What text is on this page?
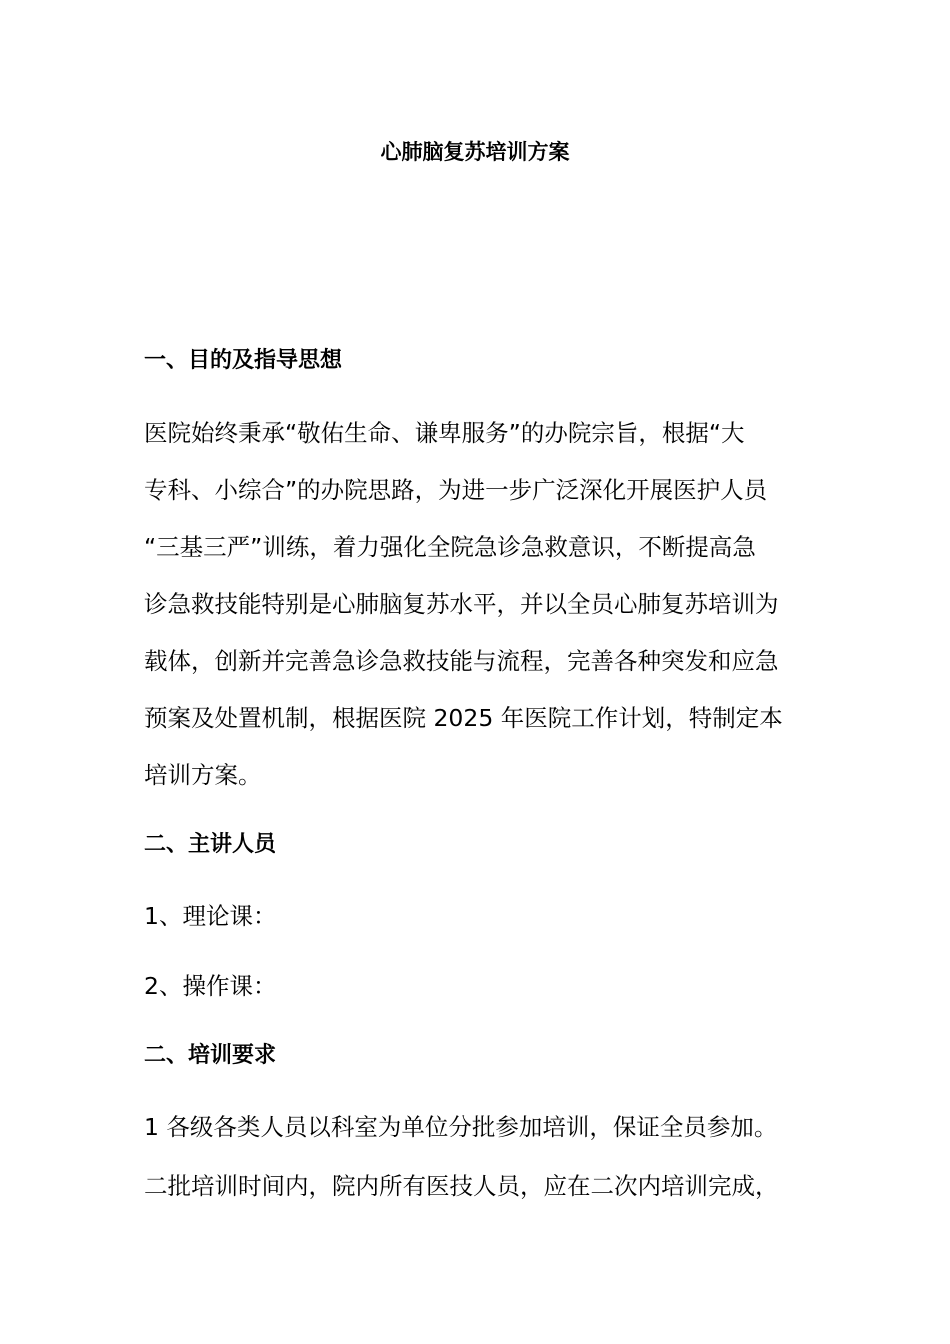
心肺脑复苏培训方案
一、目的及指导思想
医院始终秉承“敬佑生命、谦卑服务”的办院宗旨，根据“大
专科、小综合”的办院思路，为进一步广泛深化开展医护人员
“三基三严”训练，着力强化全院急诊急救意识，不断提高急
诊急救技能特别是心肺脑复苏水平，并以全员心肺复苏培训为
载体，创新并完善急诊急救技能与流程，完善各种突发和应急
预案及处置机制，根据医院 2025 年医院工作计划，特制定本
培训方案。
二、主讲人员
1、理论课：
2、操作课：
二、培训要求
1 各级各类人员以科室为单位分批参加培训，保证全员参加。
二批培训时间内，院内所有医技人员，应在二次内培训完成，
